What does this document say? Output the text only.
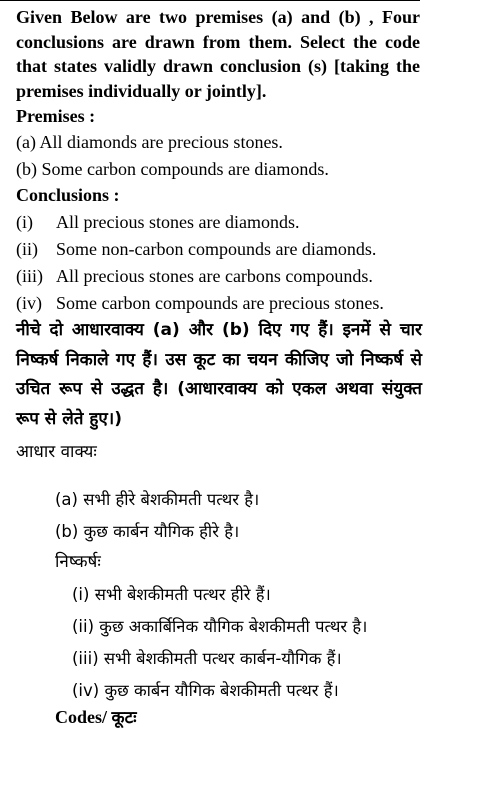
Given Below are two premises (a) and (b) , Four conclusions are drawn from them. Select the code that states validly drawn conclusion (s) [taking the premises individually or jointly].
Premises :
(a) All diamonds are precious stones.
(b) Some carbon compounds are diamonds.
Conclusions :
(i) All precious stones are diamonds.
(ii) Some non-carbon compounds are diamonds.
(iii) All precious stones are carbons compounds.
(iv) Some carbon compounds are precious stones.
नीचे दो आधारवाक्य (a) और (b) दिए गए हैं। इनमें से चार निष्कर्ष निकाले गए हैं। उस कूट का चयन कीजिए जो निष्कर्ष से उचित रूप से उद्धत है। (आधारवाक्य को एकल अथवा संयुक्त रूप से लेते हुए।)
आधार वाक्यः
(a) सभी हीरे बेशकीमती पत्थर है।
(b) कुछ कार्बन यौगिक हीरे है।
निष्कर्षः
(i) सभी बेशकीमती पत्थर हीरे हैं।
(ii) कुछ अकार्बिनिक यौगिक बेशकीमती पत्थर है।
(iii) सभी बेशकीमती पत्थर कार्बन-यौगिक हैं।
(iv) कुछ कार्बन यौगिक बेशकीमती पत्थर हैं।
Codes/ कूटः
